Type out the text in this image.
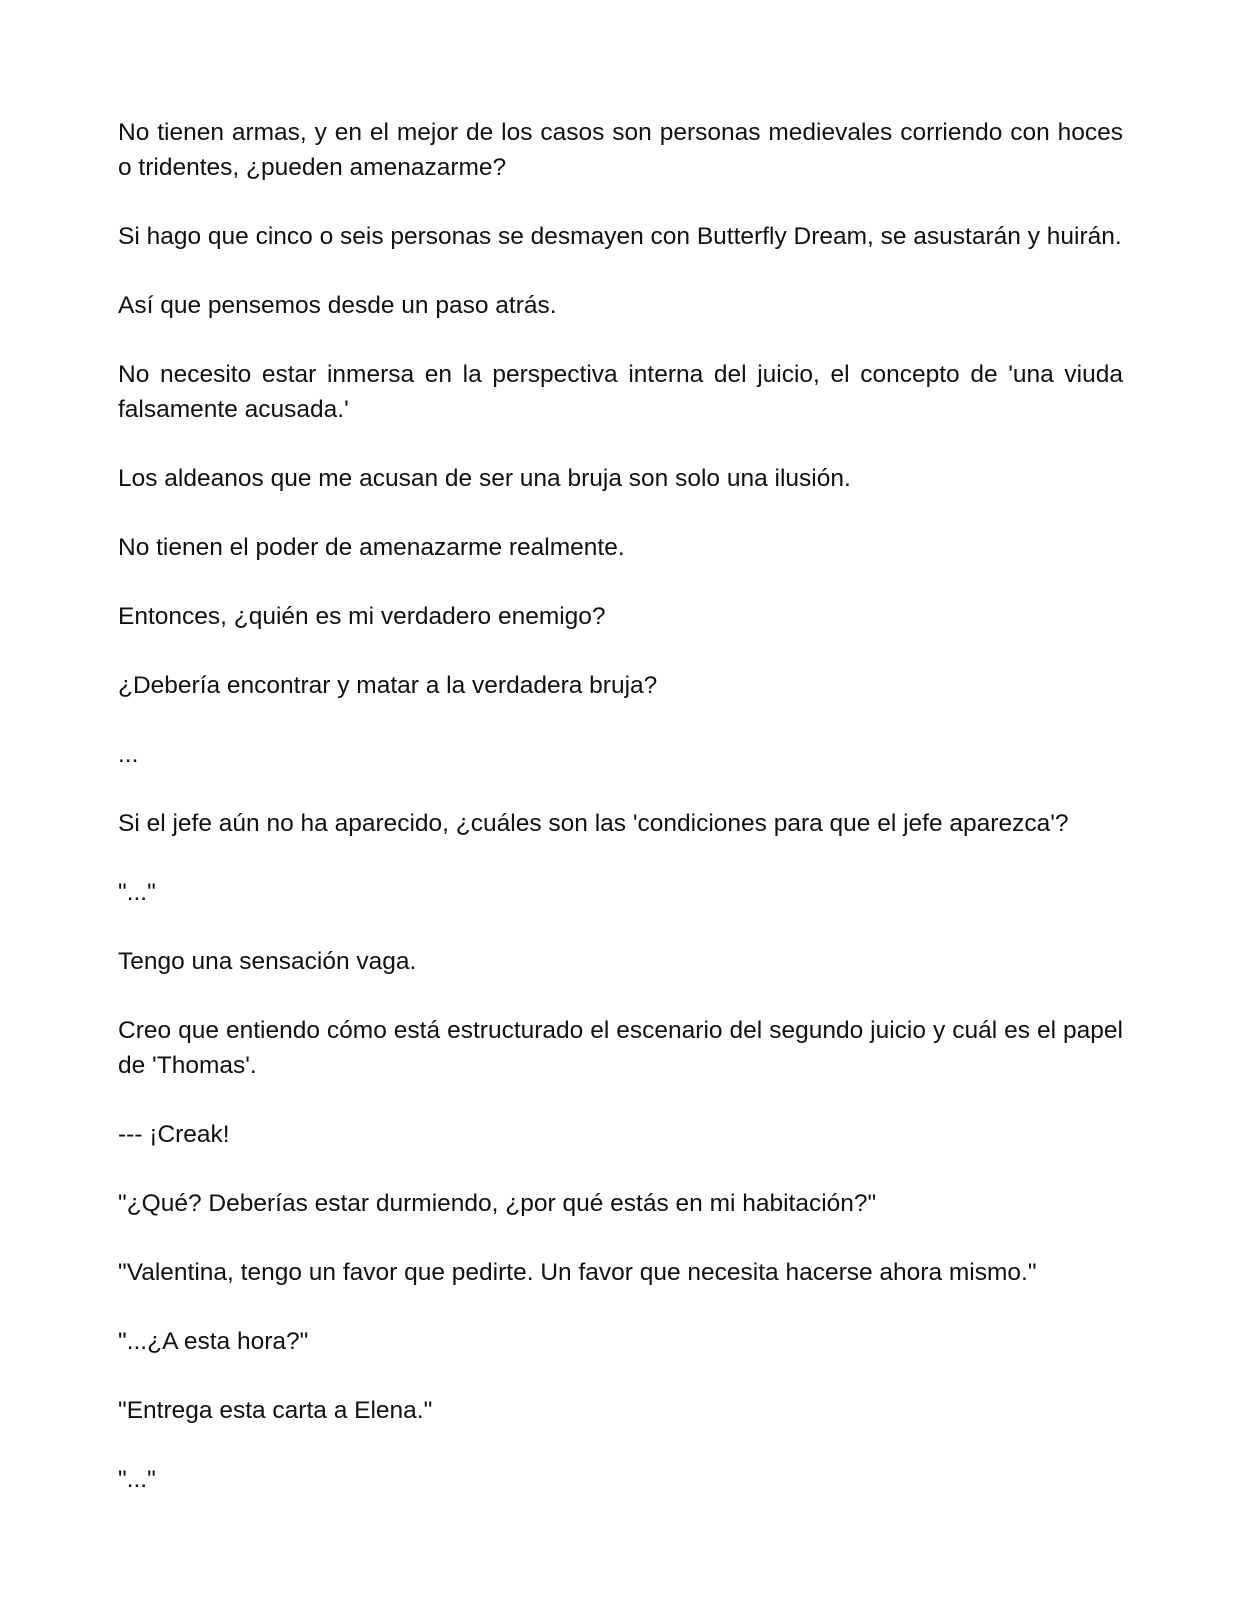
No tienen armas, y en el mejor de los casos son personas medievales corriendo con hoces o tridentes, ¿pueden amenazarme?

Si hago que cinco o seis personas se desmayen con Butterfly Dream, se asustarán y huirán.

Así que pensemos desde un paso atrás.

No necesito estar inmersa en la perspectiva interna del juicio, el concepto de 'una viuda falsamente acusada.'

Los aldeanos que me acusan de ser una bruja son solo una ilusión.

No tienen el poder de amenazarme realmente.

Entonces, ¿quién es mi verdadero enemigo?

¿Debería encontrar y matar a la verdadera bruja?

...

Si el jefe aún no ha aparecido, ¿cuáles son las 'condiciones para que el jefe aparezca'?

"..."

Tengo una sensación vaga.

Creo que entiendo cómo está estructurado el escenario del segundo juicio y cuál es el papel de 'Thomas'.

--- ¡Creak!

"¿Qué? Deberías estar durmiendo, ¿por qué estás en mi habitación?"

"Valentina, tengo un favor que pedirte. Un favor que necesita hacerse ahora mismo."

"...¿A esta hora?"

"Entrega esta carta a Elena."

"..."
